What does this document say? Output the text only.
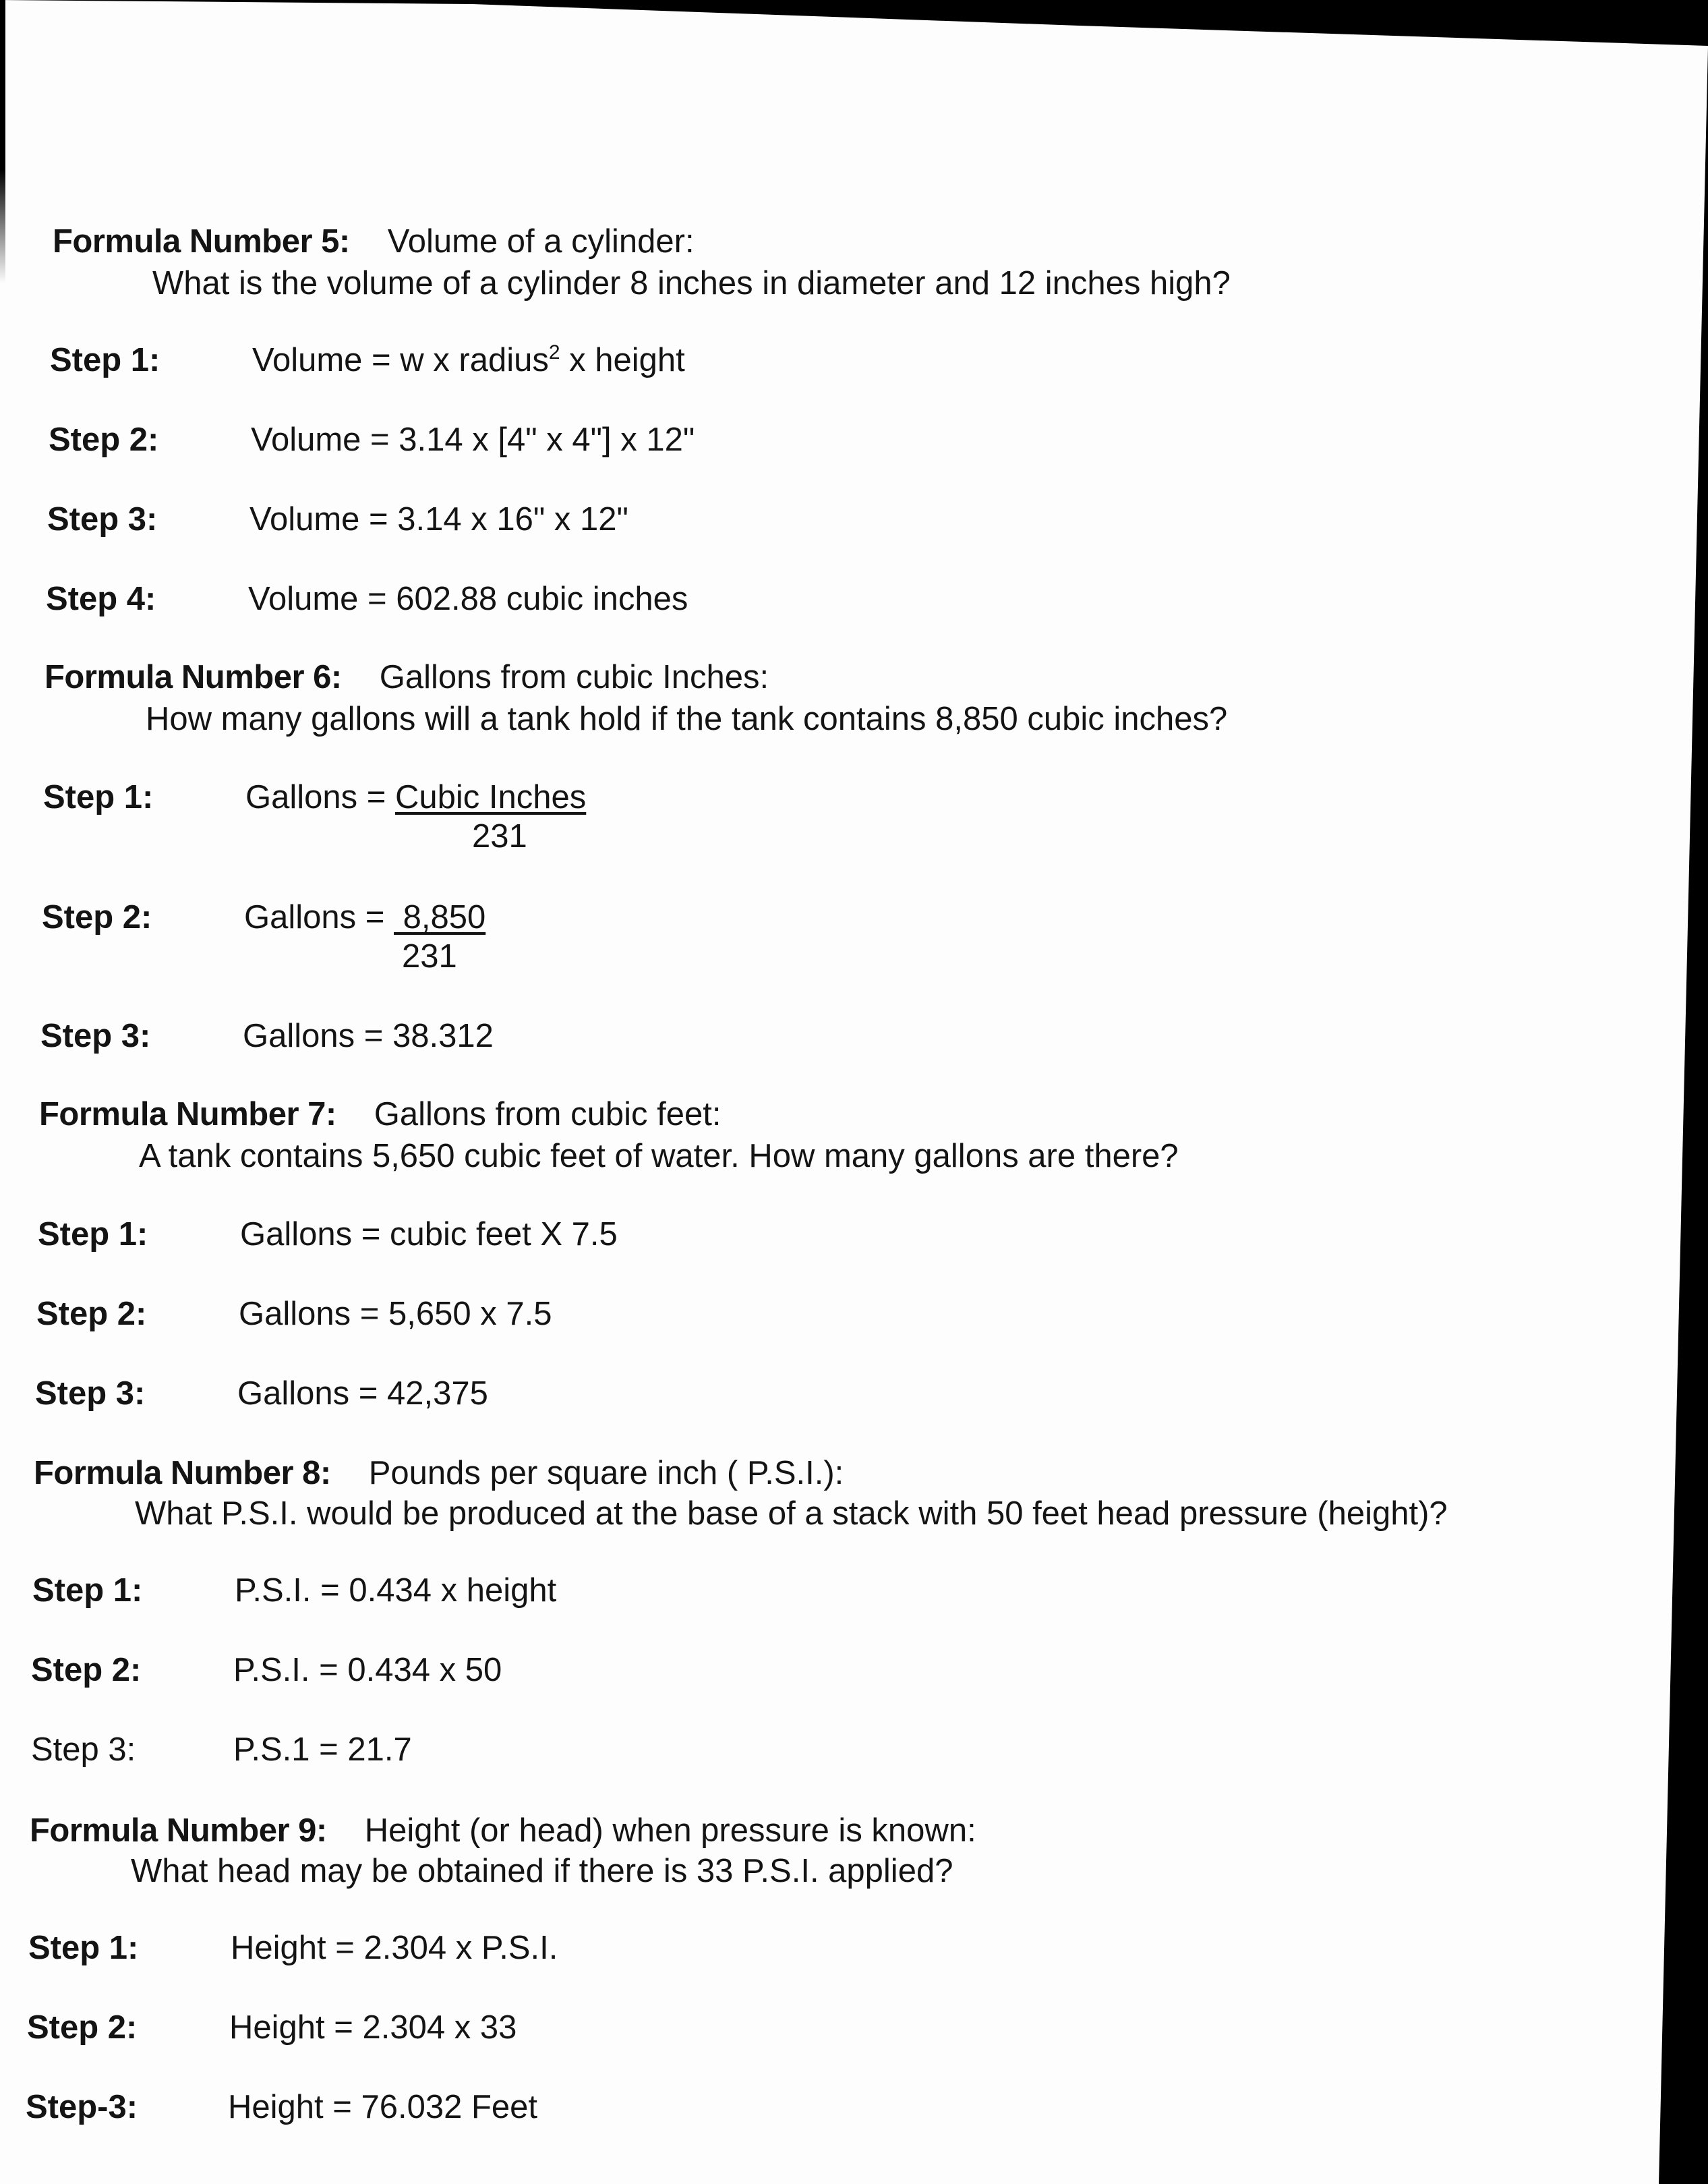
Formula Number 5: Volume of a cylinder:
What is the volume of a cylinder 8 inches in diameter and 12 inches high?
Step 1:	Volume = w x radius$^2$ x height
Step 2:	Volume = 3.14 x [4" x 4"] x 12"
Step 3:	Volume = 3.14 x 16" x 12"
Step 4:	Volume = 602.88 cubic inches
Formula Number 6: Gallons from cubic Inches:
How many gallons will a tank hold if the tank contains 8,850 cubic inches?
Step 1:	Gallons = Cubic Inches
231
Step 2:	Gallons =  8,850
231
Step 3:	Gallons = 38.312
Formula Number 7: Gallons from cubic feet:
A tank contains 5,650 cubic feet of water. How many gallons are there?
Step 1:	Gallons = cubic feet X 7.5
Step 2:	Gallons = 5,650 x 7.5
Step 3:	Gallons = 42,375
Formula Number 8: Pounds per square inch ( P.S.I.):
What P.S.I. would be produced at the base of a stack with 50 feet head pressure (height)?
Step 1:	P.S.I. = 0.434 x height
Step 2:	P.S.I. = 0.434 x 50
Step 3:	P.S.1 = 21.7
Formula Number 9: Height (or head) when pressure is known:
What head may be obtained if there is 33 P.S.I. applied?
Step 1:	Height = 2.304 x P.S.I.
Step 2:	Height = 2.304 x 33
Step-3:	Height = 76.032 Feet
